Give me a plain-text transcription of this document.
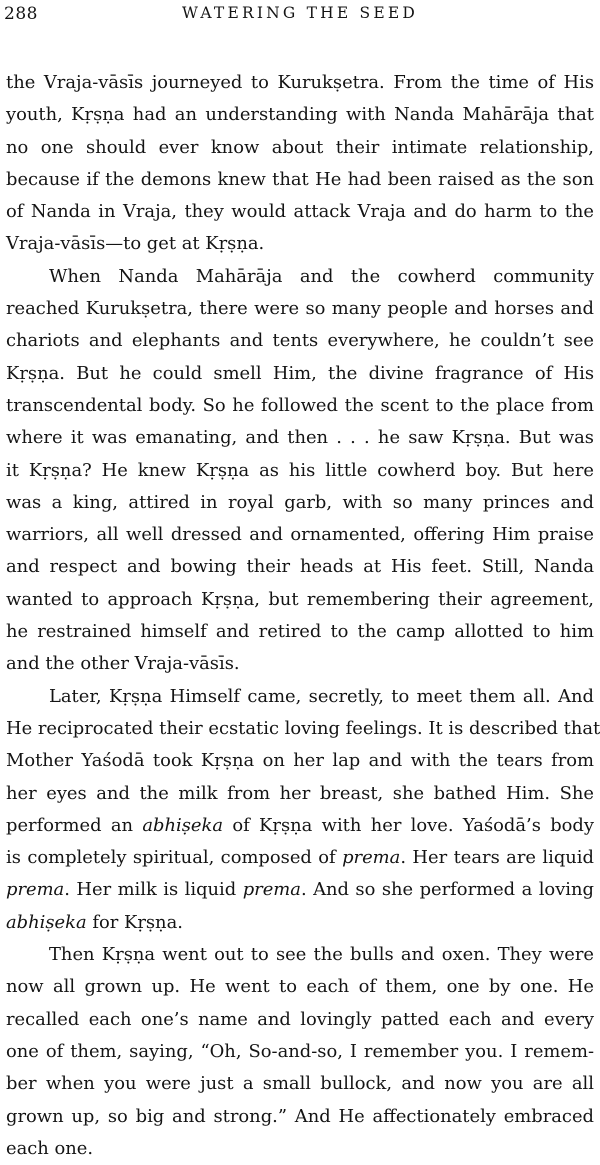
288	WATERING THE SEED

the Vraja-vāsīs journeyed to Kurukṣetra. From the time of His
youth, Kṛṣṇa had an understanding with Nanda Mahārāja that
no one should ever know about their intimate relationship,
because if the demons knew that He had been raised as the son
of Nanda in Vraja, they would attack Vraja and do harm to the
Vraja-vāsīs—to get at Kṛṣṇa.

When Nanda Mahārāja and the cowherd community
reached Kurukṣetra, there were so many people and horses and
chariots and elephants and tents everywhere, he couldn’t see
Kṛṣṇa. But he could smell Him, the divine fragrance of His
transcendental body. So he followed the scent to the place from
where it was emanating, and then . . . he saw Kṛṣṇa. But was
it Kṛṣṇa? He knew Kṛṣṇa as his little cowherd boy. But here
was a king, attired in royal garb, with so many princes and
warriors, all well dressed and ornamented, offering Him praise
and respect and bowing their heads at His feet. Still, Nanda
wanted to approach Kṛṣṇa, but remembering their agreement,
he restrained himself and retired to the camp allotted to him
and the other Vraja-vāsīs.

Later, Kṛṣṇa Himself came, secretly, to meet them all. And
He reciprocated their ecstatic loving feelings. It is described that
Mother Yaśodā took Kṛṣṇa on her lap and with the tears from
her eyes and the milk from her breast, she bathed Him. She
performed an abhiṣeka of Kṛṣṇa with her love. Yaśodā’s body
is completely spiritual, composed of prema. Her tears are liquid
prema. Her milk is liquid prema. And so she performed a loving
abhiṣeka for Kṛṣṇa.

Then Kṛṣṇa went out to see the bulls and oxen. They were
now all grown up. He went to each of them, one by one. He
recalled each one’s name and lovingly patted each and every
one of them, saying, “Oh, So-and-so, I remember you. I remem-
ber when you were just a small bullock, and now you are all
grown up, so big and strong.” And He affectionately embraced
each one.
